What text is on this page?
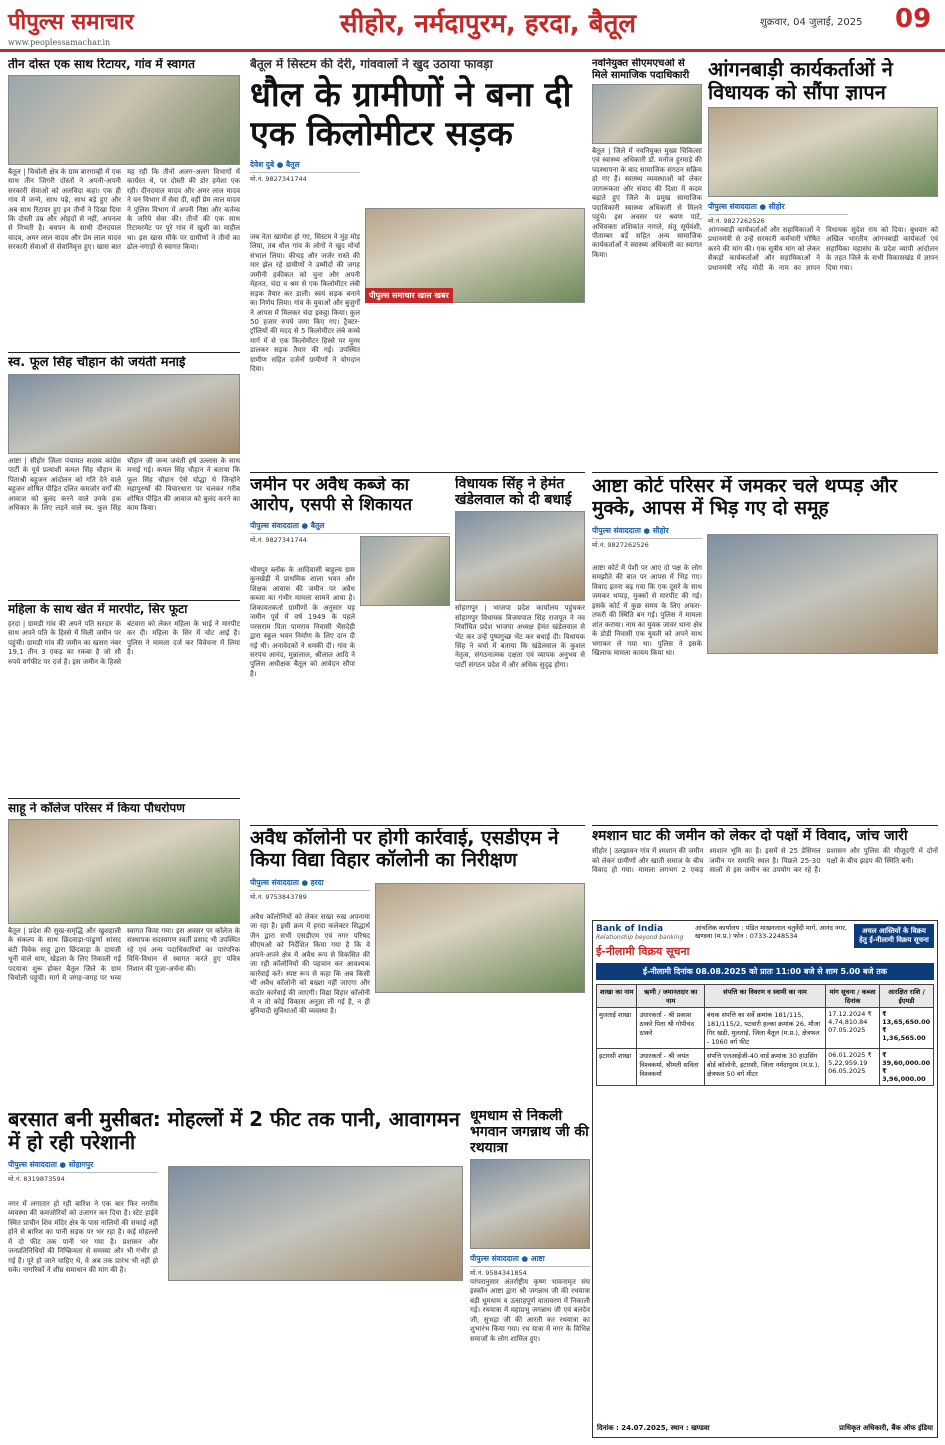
पीपुल्स समाचार
www.peoplessamachar.in
सीहोर, नर्मदापुरम, हरदा, बैतूल	शुक्रवार, 04 जुलाई, 2025 09
तीन दोस्त एक साथ रिटायर, गांव में स्वागत
बैतूल | चिचोली क्षेत्र के ग्राम बारगाव्ही में एक साथ तीन जिगरी दोस्तों ने अपनी-अपनी सरकारी सेवाओं को अलविदा कहा। एक ही गांव में जन्मे, साथ पढ़े, साथ बड़े हुए और अब साथ रिटायर हुए इन तीनों ने दिखा दिया कि दोस्ती उम्र और ओहदों से नहीं, अपनत्व से निभती है। बचपन के साथी दीनदयाल यादव, अमर लाल यादव और प्रेम लाल यादव सरकारी सेवाओं से सेवानिवृत्त हुए। खास बात यह रही कि तीनों अलग-अलग विभागों में कार्यरत थे, पर दोस्ती की डोर हमेशा एक रही। दीनदयाल यादव और अमर लाल यादव ने वन विभाग में सेवा दी, वहीं प्रेम लाल यादव ने पुलिस विभाग में अपनी निष्ठा और कर्तव्य के जरिये सेवा की। तीनों की एक साथ रिटायरमेंट पर पूरे गांव में खुशी का माहौल था। इस खास मौके पर ग्रामीणों ने तीनों का ढोल-नगाड़ों से स्वागत किया।
स्व. फूल सिंह चौहान की जयंती मनाई
आष्टा | सीहोर जिला पंचायत सदस्य कांग्रेस पार्टी के पूर्व प्रत्याशी कमल सिंह चौहान के पिताश्री बहुजन आंदोलन को गति देने वाले बहुजन शोषित पीड़ित दलित कमजोर वर्गों की आवाज को बुलंद करने वाले उनके हक अधिकार के लिए लड़ने वाले स्व. फूल सिंह चौहान जी जन्म जयंती हर्ष उल्लास के साथ मनाई गई। कमल सिंह चौहान ने बताया कि फूल सिंह चौहान ऐसे योद्धा थे जिन्होंने महापुरुषों की विचारधारा पर चलकर गरीब शोषित पीड़ित की आवाज को बुलंद करने का काम किया।
महिला के साथ खेत में मारपीट, सिर फूटा
हरदा | ग्रामडी गांव की अपने पति सरदार के साथ अपने पति के हिस्से में मिली जमीन पर पहुंची। ग्रामडी गांव की जमीन का खसरा नंबर 19,1 तीन 3 एकड़ का रकबा है जो सौ रुपये वर्गफीट पर दर्ज है। इस जमीन के हिस्से बंटवारा को लेकर महिला के भाई ने मारपीट कर दी। महिला के सिर में चोट आई है। पुलिस ने मामला दर्ज कर विवेचना में लिया है।
साहू ने कॉलेज परिसर में किया पौधरोपण
बैतूल | प्रदेश की सुख-समृद्धि और खुशहाली के संकल्प के साथ छिंदवाड़ा-पांढुर्णा सांसद बंटी विवेक साहू द्वारा छिंदवाड़ा के दायजी धूनी वाले धाम, खेड़ला के लिए निकाली गई पदयात्रा शुरू होकर बैतूल जिले के ग्राम चिचोली पहुंची। मार्ग में जगह-जगह पर भव्य स्वागत किया गया। इस अवसर पर कॉलेज के संस्थापक सदस्यगण स्वर्ती प्रसाद भी उपस्थित रहे एवं अन्य पदाधिकारियों का पारंपरिक विधि-विधान से स्वागत करते हुए पवित्र निशान की पूजा-अर्चना की।
बरसात बनी मुसीबत: मोहल्लों में 2 फीट तक पानी, आवागमन में हो रही परेशानी
पीपुल्स संवाददाता ● सोहागपुर
मो.नं. 8319873594
नगर में लगातार हो रही बारिश ने एक बार फिर नगरीय व्यवस्था की कमजोरियों को उजागर कर दिया है। स्टेट हाईवे स्थित प्राचीन शिव मंदिर क्षेत्र के पास नालियों की सफाई नहीं होने से बारिश का पानी सड़क पर भर रहा है। कई मोहल्लों में दो फीट तक पानी भर गया है। प्रशासन और जनप्रतिनिधियों की निष्क्रियता से समस्या और भी गंभीर हो गई है। पूरे हो जाने चाहिए थे, वे अब तक प्रारंभ भी नहीं हो सके। नागरिकों ने शीघ्र समाधान की मांग की है।
बैतूल में सिस्टम की देरी, गांववालों ने खुद उठाया फावड़ा
धौल के ग्रामीणों ने बना दी एक किलोमीटर सड़क
देवेश दुबे ● बैतूल
मो.नं. 9827341744
पीपुल्स समाचार खास खबर
जब नेता खामोश हो गए, सिस्टम ने मुंह मोड़ लिया, तब धौल गांव के लोगों ने खुद मोर्चा संभाल लिया। कीचड़ और जर्जर रास्ते की मार झेल रहे ग्रामीणों ने उम्मीदों की जगह जमीनी हकीकत को चुना और अपनी मेहनत, चंदा व श्रम से एक किलोमीटर लंबी सड़क तैयार कर डाली। स्वयं सड़क बनाने का निर्णय लिया। गांव के युवाओं और बुजुर्गों ने आपस में मिलकर चंदा इकट्ठा किया। कुल 50 हजार रुपये जमा किए गए। ट्रैक्टर-ट्रॉलियों की मदद से 5 किलोमीटर लंबे कच्चे मार्ग में से एक किलोमीटर हिस्से पर मुरम डालकर सड़क तैयार की गई। उपस्थित ग्रामीण सहित दर्जनों ग्रामीणों ने योगदान दिया।
जमीन पर अवैध कब्जे का आरोप, एसपी से शिकायत
पीपुल्स संवाददाता ● बैतूल
मो.नं. 9827341744
भीमपुर ब्लॉक के आदिवासी बाहुल्य ग्राम कुनखेड़ी में प्राथमिक शाला भवन और शिक्षक आवास की जमीन पर अवैध कब्जा का गंभीर मामला सामने आया है। शिकायतकर्ता ग्रामीणों के अनुसार यह जमीन पूर्व में वर्ष 1949 के पहले परसराम पिता पामराव निवासी भैंसदेही द्वारा स्कूल भवन निर्माण के लिए दान दी गई थी। अनावेदकों ने धमकी दी। गांव के सरपंच आनंद, मुन्नालाल, श्रीलाल आदि ने पुलिस अधीक्षक बैतूल को आवेदन सौंपा है।
विधायक सिंह ने हेमंत खंडेलवाल को दी बधाई
सोहागपुर | भाजपा प्रदेश कार्यालय पहुंचकर सोहागपुर विधायक विजयपाल सिंह राजपूत ने नव निर्वाचित प्रदेश भाजपा अध्यक्ष हेमंत खंडेलवाल से भेंट कर उन्हें पुष्पगुच्छ भेंट कर बधाई दी। विधायक सिंह ने चर्चा में बताया कि खंडेलवाल के कुशल नेतृत्व, संगठनात्मक दक्षता एवं व्यापक अनुभव से पार्टी संगठन प्रदेश में और अधिक सुदृढ़ होगा।
अवैध कॉलोनी पर होगी कार्रवाई, एसडीएम ने किया विद्या विहार कॉलोनी का निरीक्षण
पीपुल्स संवाददाता ● हरदा
मो.नं. 9753843789
अवैध कॉलोनियों को लेकर सख्त रुख अपनाया जा रहा है। इसी क्रम में हरदा कलेक्टर सिद्धार्थ जैन द्वारा सभी एसडीएम एवं नगर परिषद सीएमओ को निर्देशित किया गया है कि वे अपने-अपने क्षेत्र में अवैध रूप से विकसित की जा रही कॉलोनियों की पहचान कर आवश्यक कार्रवाई करें। स्पष्ट रूप से कहा कि अब किसी भी अवैध कॉलोनी को बख्शा नहीं जाएगा और कठोर कार्रवाई की जाएगी। विद्या विहार कॉलोनी में न तो कोई विकास अनुज्ञा ली गई है, न ही बुनियादी सुविधाओं की व्यवस्था है।
धूमधाम से निकली भगवान जगन्नाथ जी की रथयात्रा
पीपुल्स संवाददाता ● आष्टा
मो.नं. 9584341854
परंपरानुसार अंतर्राष्ट्रीय कृष्ण भावनामृत संघ इस्कॉन आष्टा द्वारा श्री जगन्नाथ जी की रथयात्रा बड़ी धूमधाम व उत्साहपूर्ण वातावरण में निकाली गई। रथयात्रा में महाप्रभु जगन्नाथ जी एवं बलदेव जी, सुभद्रा जी की आरती कर रथयात्रा का शुभारंभ किया गया। रथ यात्रा में नगर के विभिन्न समाजों के लोग शामिल हुए।
नवनियुक्त सीएमएचओ से मिले सामाजिक पदाधिकारी
बैतूल | जिले में नवनियुक्त मुख्य चिकित्सा एवं स्वास्थ्य अधिकारी डॉ. मनोज हुरमाड़े की पदस्थापना के बाद सामाजिक संगठन सक्रिय हो गए हैं। स्वास्थ्य व्यवस्थाओं को लेकर जागरूकता और संवाद की दिशा में कदम बढ़ाते हुए जिले के प्रमुख सामाजिक पदाधिकारी स्वास्थ्य अधिकारी से मिलने पहुंचे। इस अवसर पर श्रवण पाटे, अधिवक्ता शशिकांत नागले, संतू सूर्यवंशी, पीताम्बर बर्डे सहित अन्य सामाजिक कार्यकर्ताओं ने स्वास्थ्य अधिकारी का स्वागत किया।
आंगनबाड़ी कार्यकर्ताओं ने विधायक को सौंपा ज्ञापन
पीपुल्स संवाददाता ● सीहोर
मो.नं. 9827262526
आंगनबाड़ी कार्यकर्ताओं और सहायिकाओं ने प्रधानमंत्री से उन्हें सरकारी कर्मचारी घोषित करने की मांग की। एक सूत्रीय मांग को लेकर सैकड़ों कार्यकर्ताओं और सहायिकाओं ने प्रधानमंत्री नरेंद्र मोदी के नाम का ज्ञापन विधायक सुदेश राय को दिया। बुधवार को अखिल भारतीय आंगनबाड़ी कार्यकर्ता एवं सहायिका महासंघ के प्रदेश व्यापी आंदोलन के तहत जिले के सभी विकासखंड में ज्ञापन दिया गया।
आष्टा कोर्ट परिसर में जमकर चले थप्पड़ और मुक्के, आपस में भिड़ गए दो समूह
पीपुल्स संवाददाता ● सीहोर
मो.नं. 9827262526
आष्टा कोर्ट में पेशी पर आए दो पक्ष के लोग समझौते की बात पर आपस में भिड़ गए। विवाद इतना बढ़ गया कि एक दूसरे के साथ जमकर थप्पड़, मुक्कों से मारपीट की गई। इसके कोर्ट में कुछ समय के लिए अफरा-तफरी की स्थिति बन गई। पुलिस ने मामला शांत कराया। नाम का युवक जावर थाना क्षेत्र के डोडी निवासी एक युवती को अपने साथ भगाकर ले गया था। पुलिस ने इसके खिलाफ मामला कायम किया था।
श्मशान घाट की जमीन को लेकर दो पक्षों में विवाद, जांच जारी
सीहोर | उलझावन गांव में श्मशान की जमीन को लेकर ग्रामीणों और खाती समाज के बीच विवाद हो गया। मामला लगभग 2 एकड़ श्मशान भूमि का है। इसमें से 25 डेसिमल जमीन पर समाधि स्थल है। पिछले 25-30 सालों से इस जमीन का उपयोग कर रहे हैं। प्रशासन और पुलिस की मौजूदगी में दोनों पक्षों के बीच झड़प की स्थिति बनी।
Bank of India
Relationship beyond banking
ई-नीलामी विक्रय सूचना
आंचलिक कार्यालय : पंडित माखनलाल चतुर्वेदी मार्ग, आनंद नगर, खण्डवा (म.प्र.) फोन : 0733-2248534
अचल आस्तियों के विक्रय हेतु ई-नीलामी विक्रय सूचना
ई-नीलामी दिनांक 08.08.2025 को प्रातः 11:00 बजे से शाम 5.00 बजे तक
शाखा का नाम	ऋणी / जमानतदार का नाम	संपत्ति का विवरण व स्वामी का नाम	मांग सूचना / कब्जा दिनांक	आरक्षित राशि / ईएमडी
मुलताई शाखा	उधारकर्ता - श्री प्रकाश ठाकरे पिता श्री गोपीचंद ठाकरे	बंधक संपत्ति का सर्वे क्रमांक 181/115, 181/115/2, पटवारी हल्का क्रमांक 26, मौजा गिर खड़ी, मुलताई, जिला बैतूल (म.प्र.), क्षेत्रफल - 1060 वर्ग फीट	17.12.2024 ₹ 4,74,810.84 07.05.2025	₹ 13,65,650.00 ₹ 1,36,565.00
इटारसी शाखा	उधारकर्ता - श्री जयंत विश्वकर्मा, श्रीमती सविता विश्वकर्मा	संपत्ति एलआईजी-40 वार्ड क्रमांक 30 हाउसिंग बोर्ड कॉलोनी, इटारसी, जिला नर्मदापुरम (म.प्र.), क्षेत्रफल 50 वर्ग मीटर	06.01.2025 ₹ 5,22,959.19 06.05.2025	₹ 39,60,000.00 ₹ 3,96,000.00
दिनांक : 24.07.2025, स्थान : खण्डवा	प्राधिकृत अधिकारी, बैंक ऑफ इंडिया
